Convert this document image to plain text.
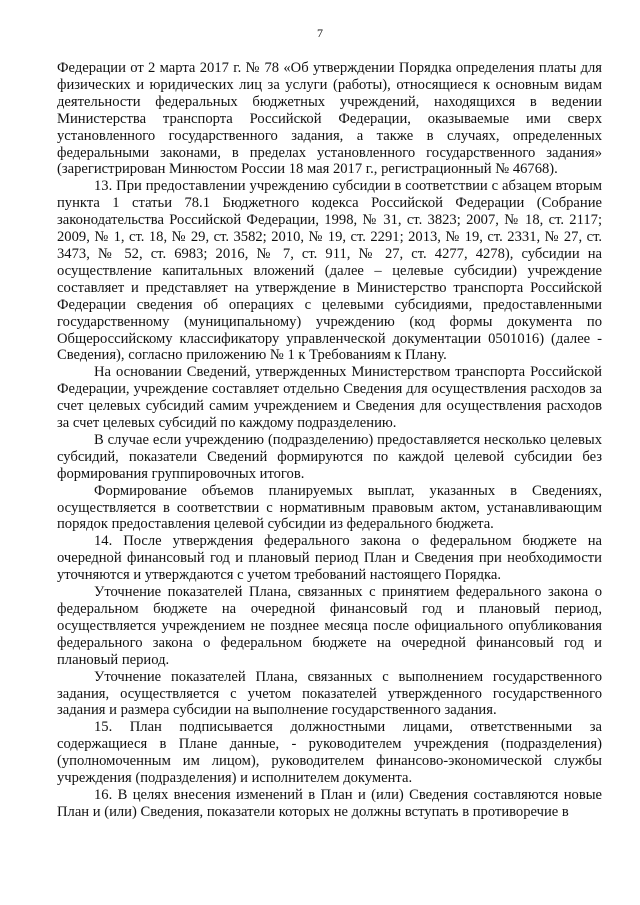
7

Федерации от 2 марта 2017 г. № 78 «Об утверждении Порядка определения платы для физических и юридических лиц за услуги (работы), относящиеся к основным видам деятельности федеральных бюджетных учреждений, находящихся в ведении Министерства транспорта Российской Федерации, оказываемые ими сверх установленного государственного задания, а также в случаях, определенных федеральными законами, в пределах установленного государственного задания» (зарегистрирован Минюстом России 18 мая 2017 г., регистрационный № 46768).

13. При предоставлении учреждению субсидии в соответствии с абзацем вторым пункта 1 статьи 78.1 Бюджетного кодекса Российской Федерации (Собрание законодательства Российской Федерации, 1998, № 31, ст. 3823; 2007, № 18, ст. 2117; 2009, № 1, ст. 18, № 29, ст. 3582; 2010, № 19, ст. 2291; 2013, № 19, ст. 2331, № 27, ст. 3473, № 52, ст. 6983; 2016, № 7, ст. 911, № 27, ст. 4277, 4278), субсидии на осуществление капитальных вложений (далее – целевые субсидии) учреждение составляет и представляет на утверждение в Министерство транспорта Российской Федерации сведения об операциях с целевыми субсидиями, предоставленными государственному (муниципальному) учреждению (код формы документа по Общероссийскому классификатору управленческой документации 0501016) (далее - Сведения), согласно приложению № 1 к Требованиям к Плану.

На основании Сведений, утвержденных Министерством транспорта Российской Федерации, учреждение составляет отдельно Сведения для осуществления расходов за счет целевых субсидий самим учреждением и Сведения для осуществления расходов за счет целевых субсидий по каждому подразделению.

В случае если учреждению (подразделению) предоставляется несколько целевых субсидий, показатели Сведений формируются по каждой целевой субсидии без формирования группировочных итогов.

Формирование объемов планируемых выплат, указанных в Сведениях, осуществляется в соответствии с нормативным правовым актом, устанавливающим порядок предоставления целевой субсидии из федерального бюджета.

14. После утверждения федерального закона о федеральном бюджете на очередной финансовый год и плановый период План и Сведения при необходимости уточняются и утверждаются с учетом требований настоящего Порядка.

Уточнение показателей Плана, связанных с принятием федерального закона о федеральном бюджете на очередной финансовый год и плановый период, осуществляется учреждением не позднее месяца после официального опубликования федерального закона о федеральном бюджете на очередной финансовый год и плановый период.

Уточнение показателей Плана, связанных с выполнением государственного задания, осуществляется с учетом показателей утвержденного государственного задания и размера субсидии на выполнение государственного задания.

15. План подписывается должностными лицами, ответственными за содержащиеся в Плане данные, - руководителем учреждения (подразделения) (уполномоченным им лицом), руководителем финансово-экономической службы учреждения (подразделения) и исполнителем документа.

16. В целях внесения изменений в План и (или) Сведения составляются новые План и (или) Сведения, показатели которых не должны вступать в противоречие в
